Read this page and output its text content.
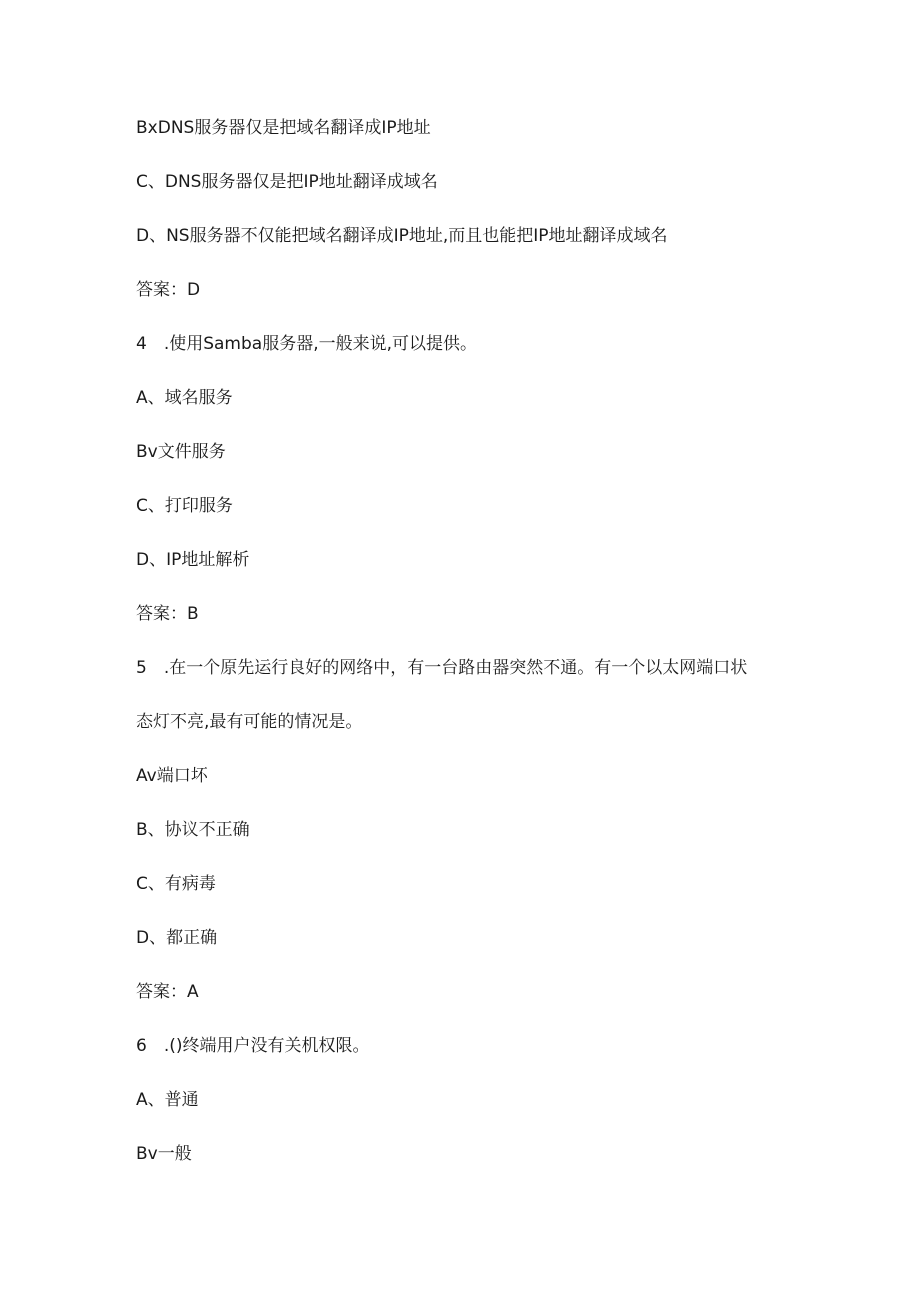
BxDNS服务器仅是把域名翻译成IP地址
C、DNS服务器仅是把IP地址翻译成域名
D、NS服务器不仅能把域名翻译成IP地址,而且也能把IP地址翻译成域名
答案：D
4　.使用Samba服务器,一般来说,可以提供。
A、域名服务
Bv文件服务
C、打印服务
D、IP地址解析
答案：B
5　.在一个原先运行良好的网络中，有一台路由器突然不通。有一个以太网端口状
态灯不亮,最有可能的情况是。
Av端口坏
B、协议不正确
C、有病毒
D、都正确
答案：A
6　.()终端用户没有关机权限。
A、普通
Bv一般
